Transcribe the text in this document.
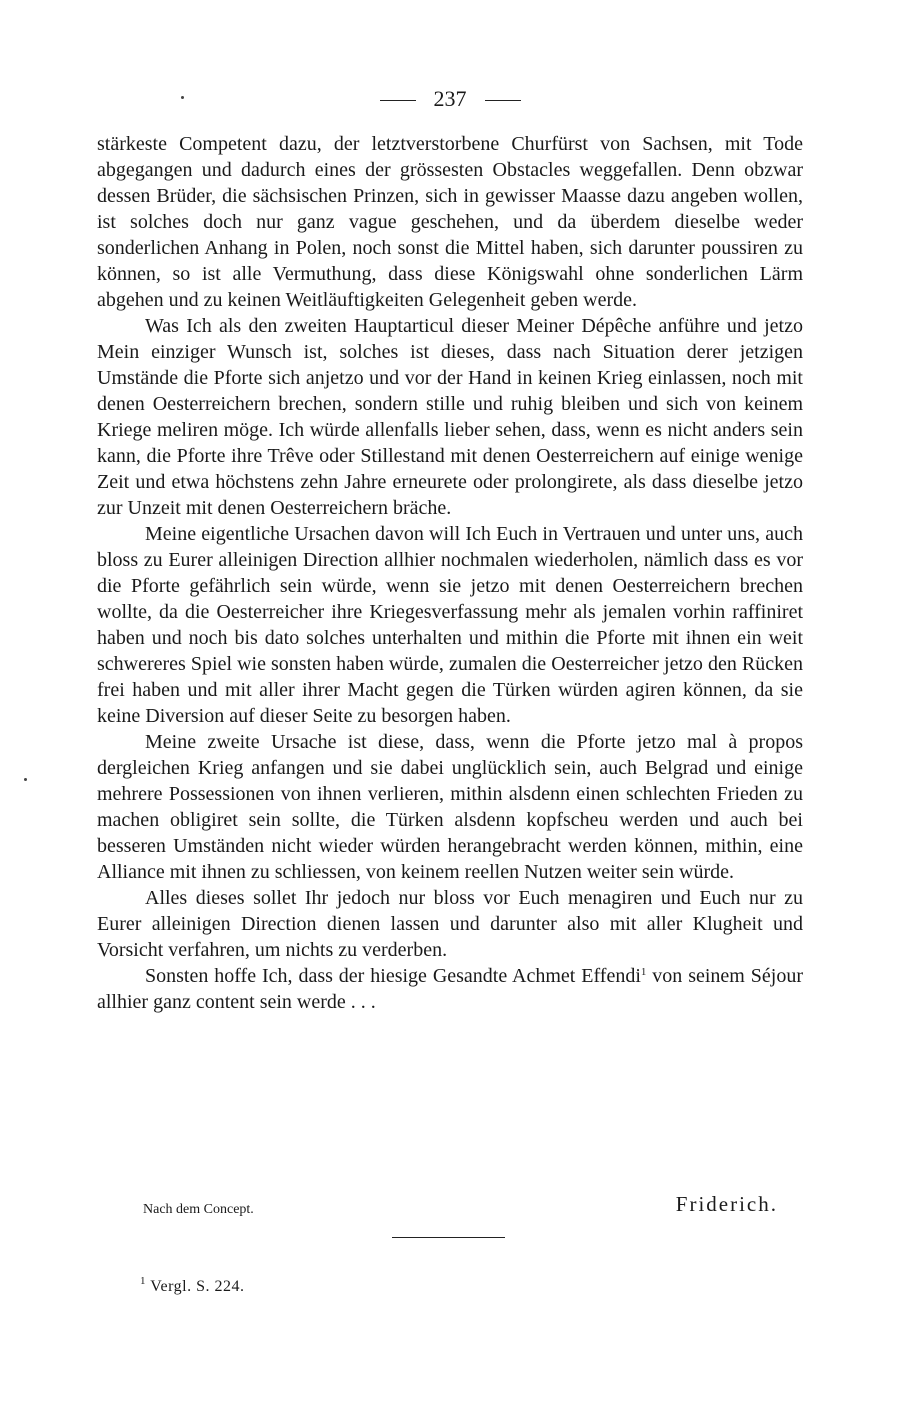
237

stärkeste Competent dazu, der letztverstorbene Churfürst von Sachsen, mit Tode abgegangen und dadurch eines der grössesten Obstacles weggefallen. Denn obzwar dessen Brüder, die sächsischen Prinzen, sich in gewisser Maasse dazu angeben wollen, ist solches doch nur ganz vague geschehen, und da überdem dieselbe weder sonderlichen Anhang in Polen, noch sonst die Mittel haben, sich darunter poussiren zu können, so ist alle Vermuthung, dass diese Königswahl ohne sonderlichen Lärm abgehen und zu keinen Weitläuftigkeiten Gelegenheit geben werde.

Was Ich als den zweiten Hauptarticul dieser Meiner Dépêche anführe und jetzo Mein einziger Wunsch ist, solches ist dieses, dass nach Situation derer jetzigen Umstände die Pforte sich anjetzo und vor der Hand in keinen Krieg einlassen, noch mit denen Oesterreichern brechen, sondern stille und ruhig bleiben und sich von keinem Kriege meliren möge. Ich würde allenfalls lieber sehen, dass, wenn es nicht anders sein kann, die Pforte ihre Trêve oder Stillestand mit denen Oesterreichern auf einige wenige Zeit und etwa höchstens zehn Jahre erneurete oder prolongirete, als dass dieselbe jetzo zur Unzeit mit denen Oesterreichern bräche.

Meine eigentliche Ursachen davon will Ich Euch in Vertrauen und unter uns, auch bloss zu Eurer alleinigen Direction allhier nochmalen wiederholen, nämlich dass es vor die Pforte gefährlich sein würde, wenn sie jetzo mit denen Oesterreichern brechen wollte, da die Oesterreicher ihre Kriegesverfassung mehr als jemalen vorhin raffiniret haben und noch bis dato solches unterhalten und mithin die Pforte mit ihnen ein weit schwereres Spiel wie sonsten haben würde, zumalen die Oesterreicher jetzo den Rücken frei haben und mit aller ihrer Macht gegen die Türken würden agiren können, da sie keine Diversion auf dieser Seite zu besorgen haben.

Meine zweite Ursache ist diese, dass, wenn die Pforte jetzo mal à propos dergleichen Krieg anfangen und sie dabei unglücklich sein, auch Belgrad und einige mehrere Possessionen von ihnen verlieren, mithin alsdenn einen schlechten Frieden zu machen obligiret sein sollte, die Türken alsdenn kopfscheu werden und auch bei besseren Umständen nicht wieder würden herangebracht werden können, mithin, eine Alliance mit ihnen zu schliessen, von keinem reellen Nutzen weiter sein würde.

Alles dieses sollet Ihr jedoch nur bloss vor Euch menagiren und Euch nur zu Eurer alleinigen Direction dienen lassen und darunter also mit aller Klugheit und Vorsicht verfahren, um nichts zu verderben.

Sonsten hoffe Ich, dass der hiesige Gesandte Achmet Effendi$^1$ von seinem Séjour allhier ganz content sein werde . . .

Nach dem Concept.	Friderich.
$^1$ Vergl. S. 224.
